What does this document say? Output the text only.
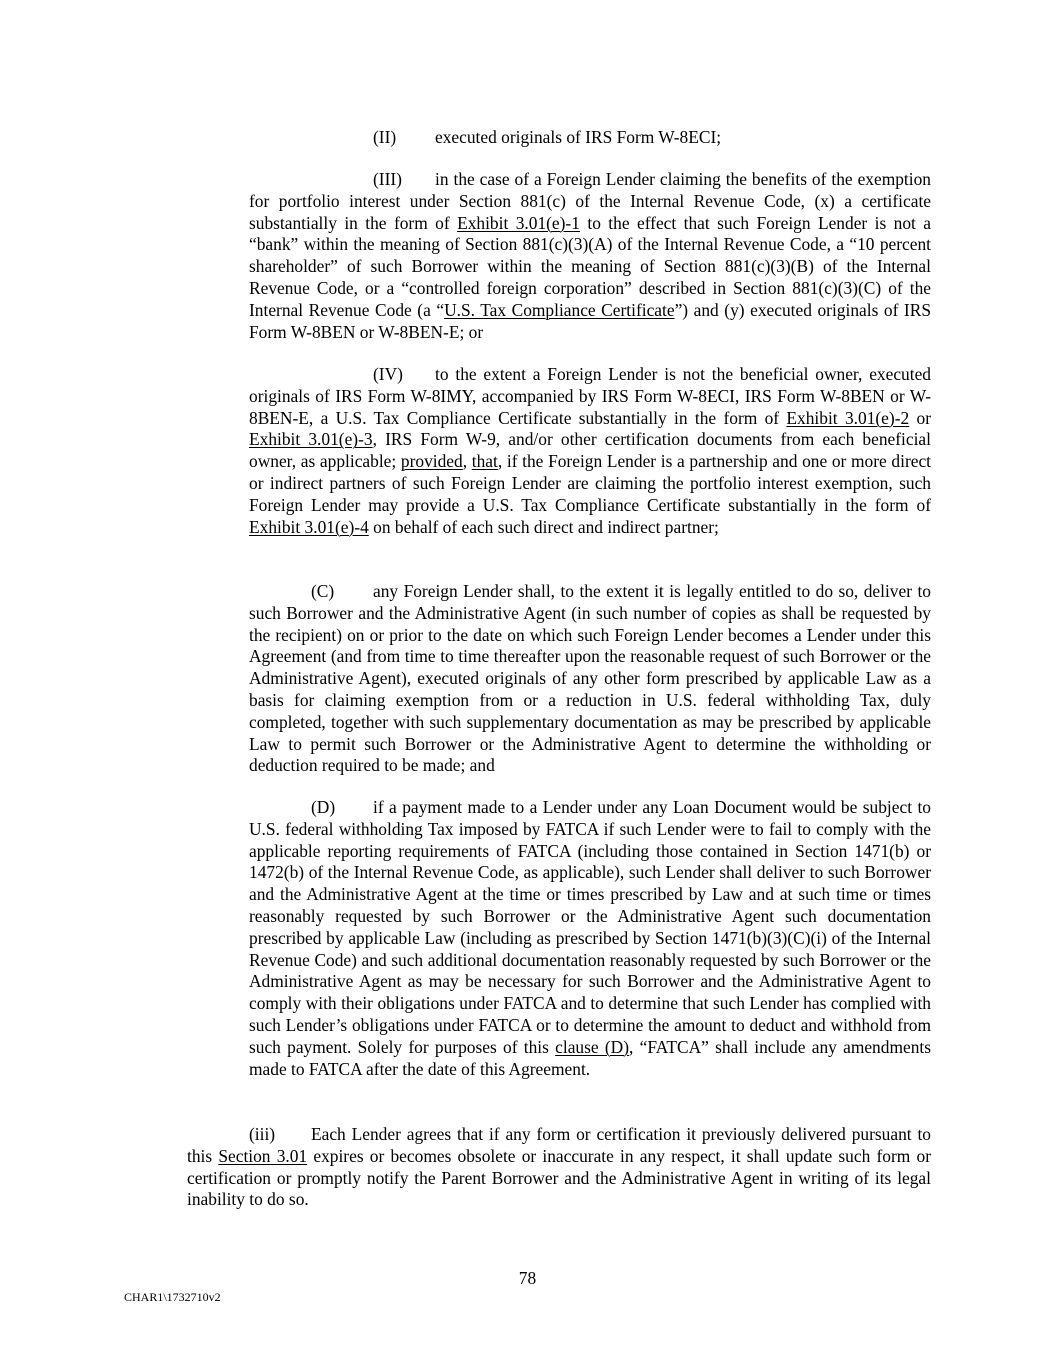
(II) executed originals of IRS Form W-8ECI;

(III) in the case of a Foreign Lender claiming the benefits of the exemption for portfolio interest under Section 881(c) of the Internal Revenue Code, (x) a certificate substantially in the form of Exhibit 3.01(e)-1 to the effect that such Foreign Lender is not a “bank” within the meaning of Section 881(c)(3)(A) of the Internal Revenue Code, a “10 percent shareholder” of such Borrower within the meaning of Section 881(c)(3)(B) of the Internal Revenue Code, or a “controlled foreign corporation” described in Section 881(c)(3)(C) of the Internal Revenue Code (a “U.S. Tax Compliance Certificate”) and (y) executed originals of IRS Form W-8BEN or W-8BEN-E; or

(IV) to the extent a Foreign Lender is not the beneficial owner, executed originals of IRS Form W-8IMY, accompanied by IRS Form W-8ECI, IRS Form W-8BEN or W-8BEN-E, a U.S. Tax Compliance Certificate substantially in the form of Exhibit 3.01(e)-2 or Exhibit 3.01(e)-3, IRS Form W-9, and/or other certification documents from each beneficial owner, as applicable; provided, that, if the Foreign Lender is a partnership and one or more direct or indirect partners of such Foreign Lender are claiming the portfolio interest exemption, such Foreign Lender may provide a U.S. Tax Compliance Certificate substantially in the form of Exhibit 3.01(e)-4 on behalf of each such direct and indirect partner;

(C) any Foreign Lender shall, to the extent it is legally entitled to do so, deliver to such Borrower and the Administrative Agent (in such number of copies as shall be requested by the recipient) on or prior to the date on which such Foreign Lender becomes a Lender under this Agreement (and from time to time thereafter upon the reasonable request of such Borrower or the Administrative Agent), executed originals of any other form prescribed by applicable Law as a basis for claiming exemption from or a reduction in U.S. federal withholding Tax, duly completed, together with such supplementary documentation as may be prescribed by applicable Law to permit such Borrower or the Administrative Agent to determine the withholding or deduction required to be made; and

(D) if a payment made to a Lender under any Loan Document would be subject to U.S. federal withholding Tax imposed by FATCA if such Lender were to fail to comply with the applicable reporting requirements of FATCA (including those contained in Section 1471(b) or 1472(b) of the Internal Revenue Code, as applicable), such Lender shall deliver to such Borrower and the Administrative Agent at the time or times prescribed by Law and at such time or times reasonably requested by such Borrower or the Administrative Agent such documentation prescribed by applicable Law (including as prescribed by Section 1471(b)(3)(C)(i) of the Internal Revenue Code) and such additional documentation reasonably requested by such Borrower or the Administrative Agent as may be necessary for such Borrower and the Administrative Agent to comply with their obligations under FATCA and to determine that such Lender has complied with such Lender’s obligations under FATCA or to determine the amount to deduct and withhold from such payment. Solely for purposes of this clause (D), “FATCA” shall include any amendments made to FATCA after the date of this Agreement.

(iii) Each Lender agrees that if any form or certification it previously delivered pursuant to this Section 3.01 expires or becomes obsolete or inaccurate in any respect, it shall update such form or certification or promptly notify the Parent Borrower and the Administrative Agent in writing of its legal inability to do so.

78
CHAR1\1732710v2
